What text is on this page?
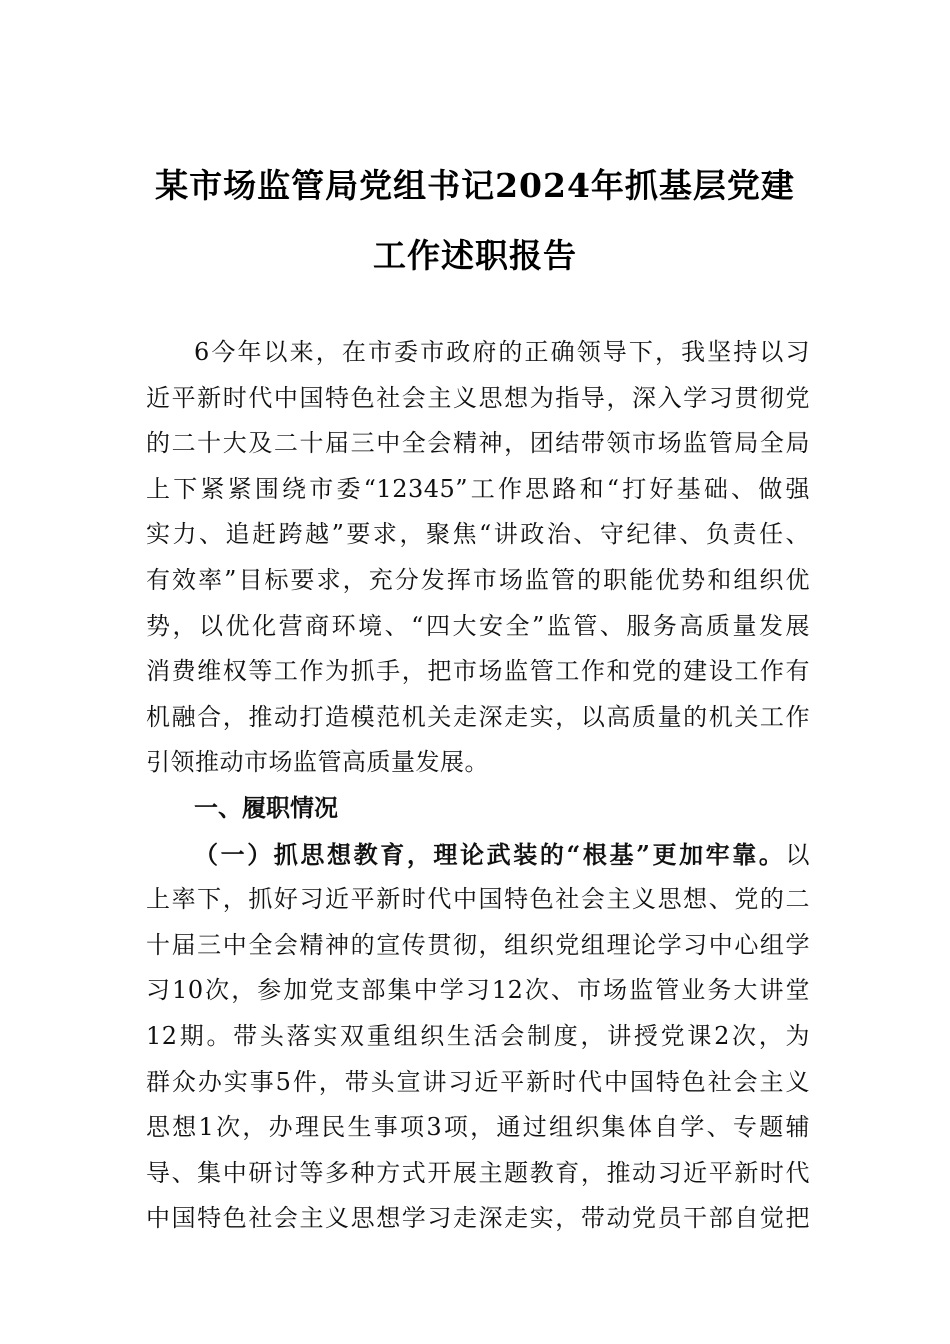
某市场监管局党组书记2024年抓基层党建
工作述职报告
6今年以来，在市委市政府的正确领导下，我坚持以习
近平新时代中国特色社会主义思想为指导，深入学习贯彻党
的二十大及二十届三中全会精神，团结带领市场监管局全局
上下紧紧围绕市委“12345”工作思路和“打好基础、做强
实力、追赶跨越”要求，聚焦“讲政治、守纪律、负责任、
有效率”目标要求，充分发挥市场监管的职能优势和组织优
势，以优化营商环境、“四大安全”监管、服务高质量发展
消费维权等工作为抓手，把市场监管工作和党的建设工作有
机融合，推动打造模范机关走深走实，以高质量的机关工作
引领推动市场监管高质量发展。
一、履职情况
（一）抓思想教育，理论武装的“根基”更加牢靠。以
上率下，抓好习近平新时代中国特色社会主义思想、党的二
十届三中全会精神的宣传贯彻，组织党组理论学习中心组学
习10次，参加党支部集中学习12次、市场监管业务大讲堂
12期。带头落实双重组织生活会制度，讲授党课2次，为
群众办实事5件，带头宣讲习近平新时代中国特色社会主义
思想1次，办理民生事项3项，通过组织集体自学、专题辅
导、集中研讨等多种方式开展主题教育，推动习近平新时代
中国特色社会主义思想学习走深走实，带动党员干部自觉把
